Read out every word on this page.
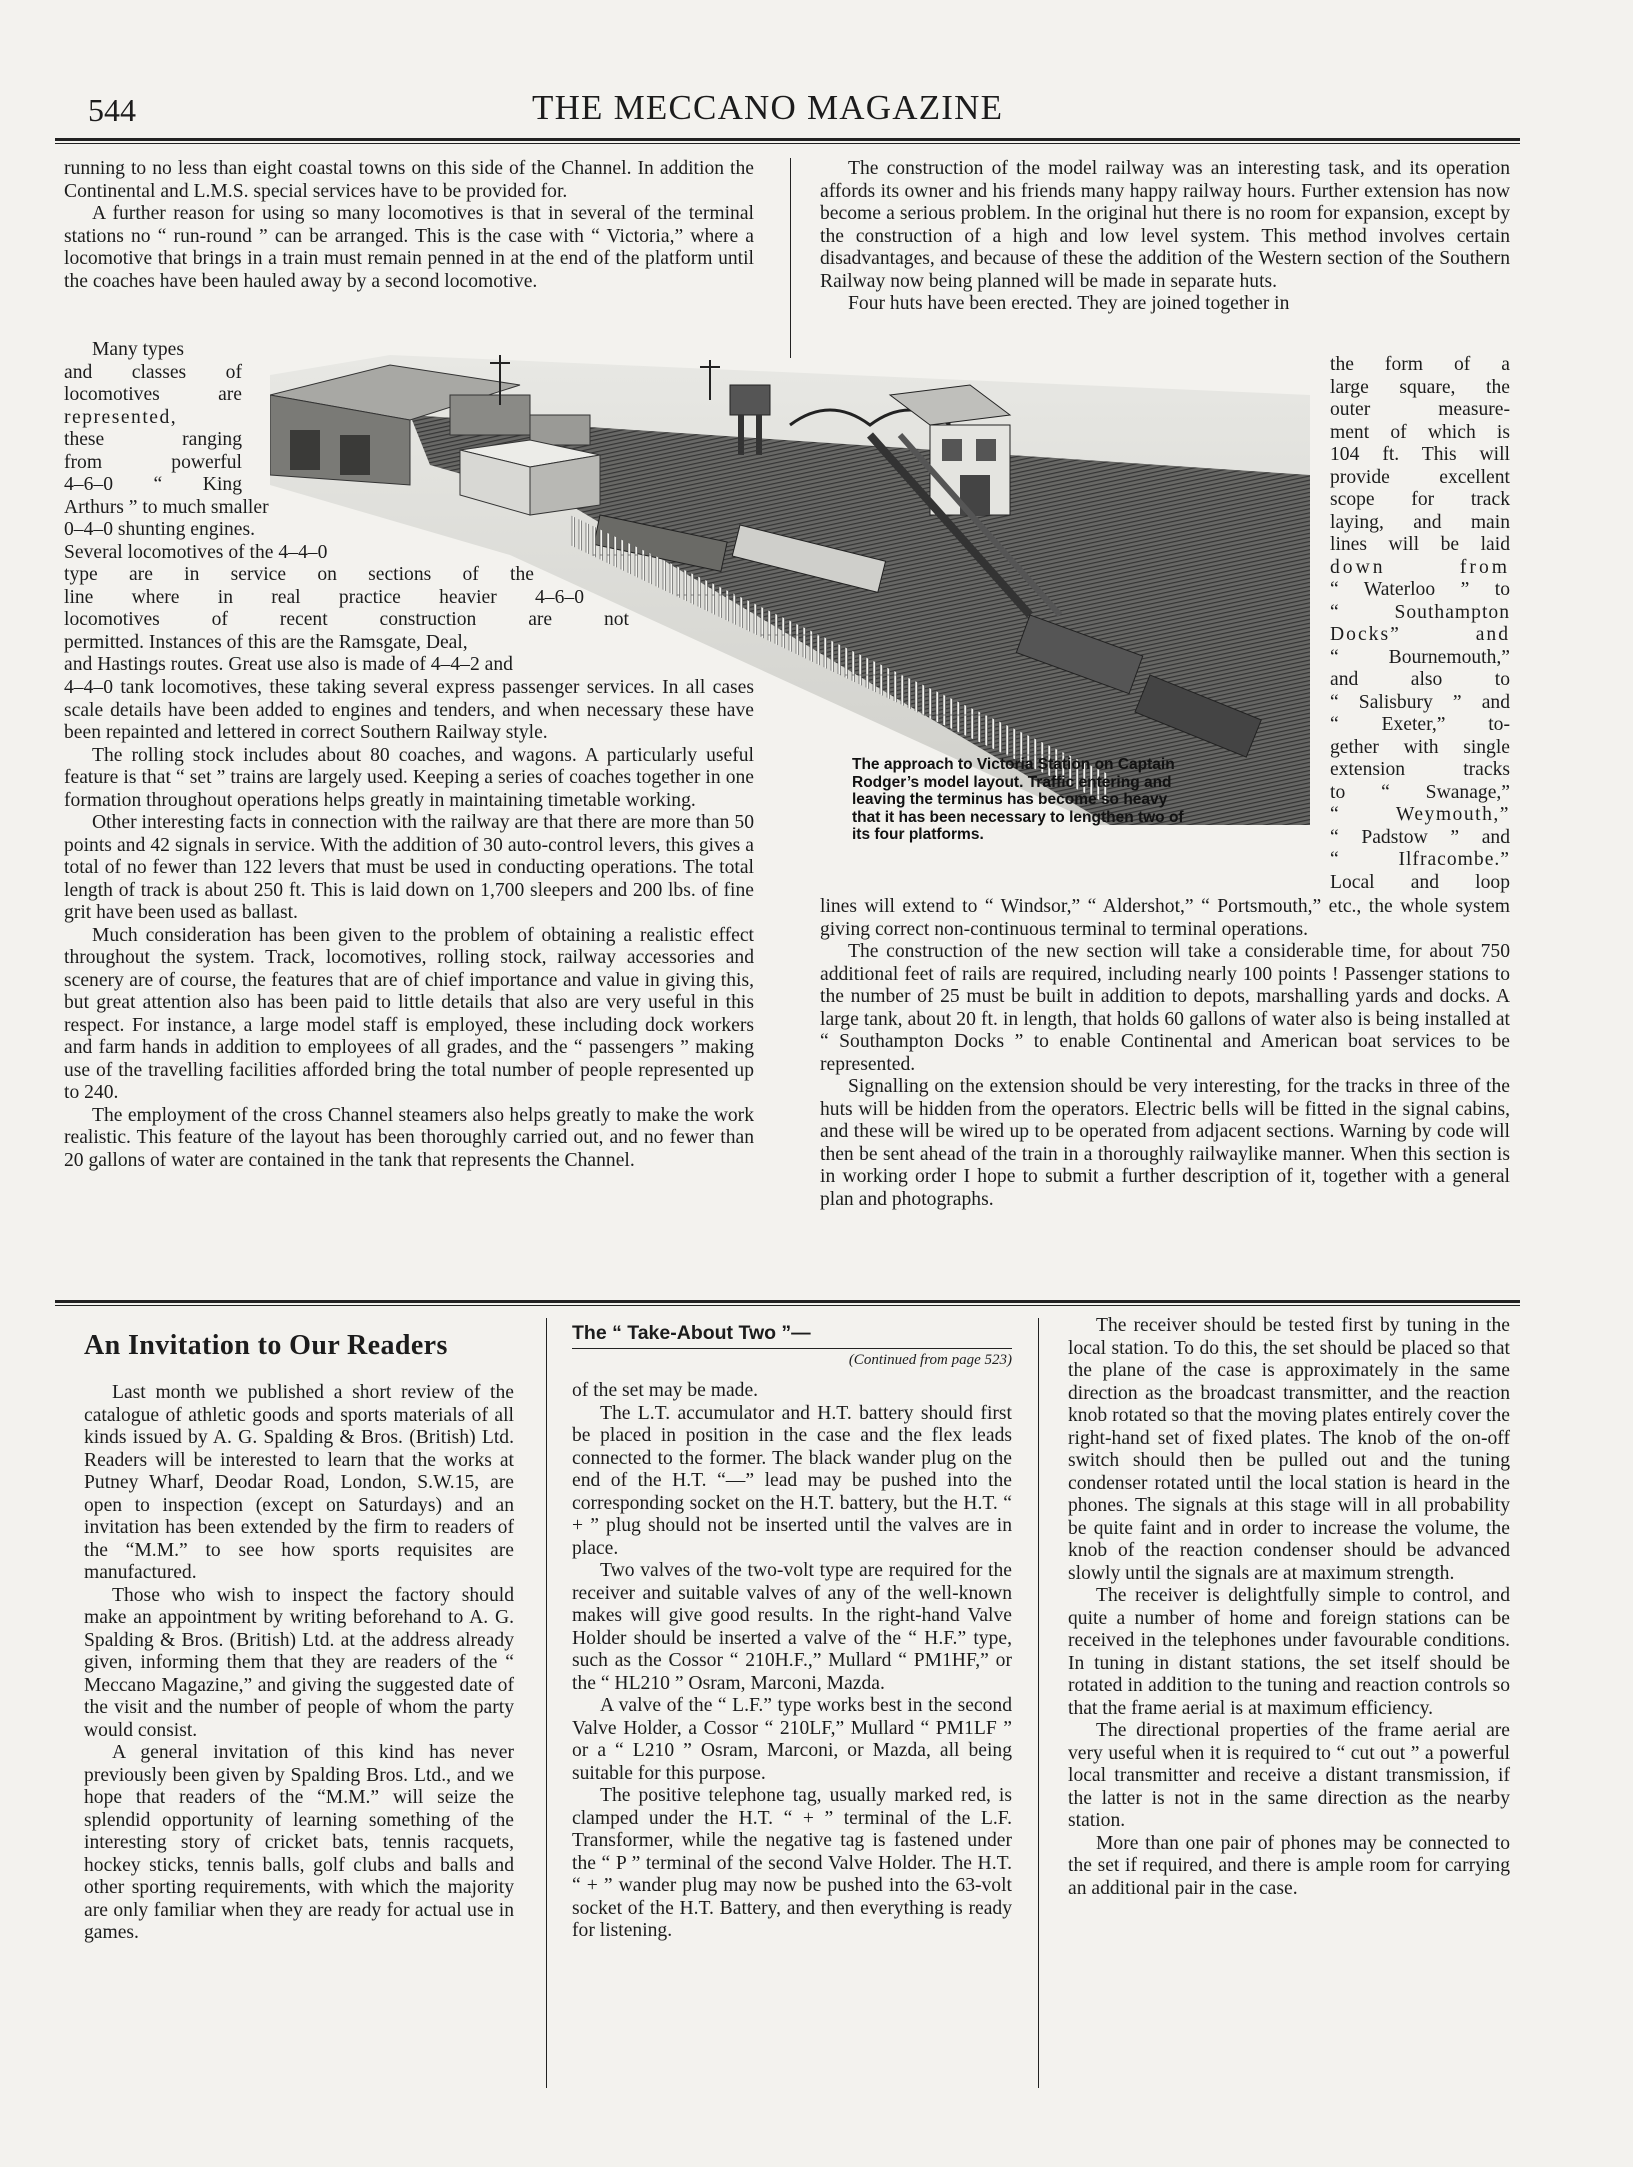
544	THE MECCANO MAGAZINE

running to no less than eight coastal towns on this side of the Channel. In addition the Continental and L.M.S. special services have to be provided for.

A further reason for using so many locomotives is that in several of the terminal stations no “ run-round ” can be arranged. This is the case with “ Victoria,” where a locomotive that brings in a train must remain penned in at the end of the platform until the coaches have been hauled away by a second locomotive.

Many types
and classes of
locomotives are
represented,
these ranging
from powerful
4–6–0 “ King
Arthurs ” to much smaller
0–4–0 shunting engines.
Several locomotives of the 4–4–0
type are in service on sections of the
line where in real practice heavier 4–6–0
locomotives of recent construction are not
permitted. Instances of this are the Ramsgate, Deal,
and Hastings routes. Great use also is made of 4–4–2 and

4–4–0 tank locomotives, these taking several express passenger services. In all cases scale details have been added to engines and tenders, and when necessary these have been repainted and lettered in correct Southern Railway style.

The rolling stock includes about 80 coaches, and wagons. A particularly useful feature is that “ set ” trains are largely used. Keeping a series of coaches together in one formation throughout operations helps greatly in maintaining timetable working.

Other interesting facts in connection with the railway are that there are more than 50 points and 42 signals in service. With the addition of 30 auto-control levers, this gives a total of no fewer than 122 levers that must be used in conducting operations. The total length of track is about 250 ft. This is laid down on 1,700 sleepers and 200 lbs. of fine grit have been used as ballast.

Much consideration has been given to the problem of obtaining a realistic effect throughout the system. Track, locomotives, rolling stock, railway accessories and scenery are of course, the features that are of chief importance and value in giving this, but great attention also has been paid to little details that also are very useful in this respect. For instance, a large model staff is employed, these including dock workers and farm hands in addition to employees of all grades, and the “ passengers ” making use of the travelling facilities afforded bring the total number of people represented up to 240.

The employment of the cross Channel steamers also helps greatly to make the work realistic. This feature of the layout has been thoroughly carried out, and no fewer than 20 gallons of water are contained in the tank that represents the Channel.

The construction of the model railway was an interesting task, and its operation affords its owner and his friends many happy railway hours. Further extension has now become a serious problem. In the original hut there is no room for expansion, except by the construction of a high and low level system. This method involves certain disadvantages, and because of these the addition of the Western section of the Southern Railway now being planned will be made in separate huts.

Four huts have been erected. They are joined together in

the form of a

large square, the

outer measure-

ment of which is

104 ft. This will

provide excellent

scope for track

laying, and main

lines will be laid

down from

“ Waterloo ” to

“ Southampton

Docks” and

“ Bournemouth,”

and also to

“ Salisbury ” and

“ Exeter,” to-

gether with single

extension tracks

to “ Swanage,”

“ Weymouth,”

“ Padstow ” and

“ Ilfracombe.”

Local and loop

lines will extend to “ Windsor,” “ Aldershot,” “ Portsmouth,” etc., the whole system giving correct non-continuous terminal to terminal operations.

The construction of the new section will take a considerable time, for about 750 additional feet of rails are required, including nearly 100 points ! Passenger stations to the number of 25 must be built in addition to depots, marshalling yards and docks. A large tank, about 20 ft. in length, that holds 60 gallons of water also is being installed at “ Southampton Docks ” to enable Continental and American boat services to be represented.

Signalling on the extension should be very interesting, for the tracks in three of the huts will be hidden from the operators. Electric bells will be fitted in the signal cabins, and these will be wired up to be operated from adjacent sections. Warning by code will then be sent ahead of the train in a thoroughly railwaylike manner. When this section is in working order I hope to submit a further description of it, together with a general plan and photographs.

The approach to Victoria Station on Captain Rodger’s model layout. Traffic entering and leaving the terminus has become so heavy that it has been necessary to lengthen two of its four platforms.
An Invitation to Our Readers

Last month we published a short review of the catalogue of athletic goods and sports materials of all kinds issued by A. G. Spalding & Bros. (British) Ltd. Readers will be interested to learn that the works at Putney Wharf, Deodar Road, London, S.W.15, are open to inspection (except on Saturdays) and an invitation has been extended by the firm to readers of the “M.M.” to see how sports requisites are manufactured.

Those who wish to inspect the factory should make an appointment by writing beforehand to A. G. Spalding & Bros. (British) Ltd. at the address already given, informing them that they are readers of the “ Meccano Magazine,” and giving the suggested date of the visit and the number of people of whom the party would consist.

A general invitation of this kind has never previously been given by Spalding Bros. Ltd., and we hope that readers of the “M.M.” will seize the splendid opportunity of learning something of the interesting story of cricket bats, tennis racquets, hockey sticks, tennis balls, golf clubs and balls and other sporting requirements, with which the majority are only familiar when they are ready for actual use in games.

The “ Take-About Two ”—
(Continued from page 523)

of the set may be made.

The L.T. accumulator and H.T. battery should first be placed in position in the case and the flex leads connected to the former. The black wander plug on the end of the H.T. “—” lead may be pushed into the corresponding socket on the H.T. battery, but the H.T. “ + ” plug should not be inserted until the valves are in place.

Two valves of the two-volt type are required for the receiver and suitable valves of any of the well-known makes will give good results. In the right-hand Valve Holder should be inserted a valve of the “ H.F.” type, such as the Cossor “ 210H.F.,” Mullard “ PM1HF,” or the “ HL210 ” Osram, Marconi, Mazda.

A valve of the “ L.F.” type works best in the second Valve Holder, a Cossor “ 210LF,” Mullard “ PM1LF ” or a “ L210 ” Osram, Marconi, or Mazda, all being suitable for this purpose.

The positive telephone tag, usually marked red, is clamped under the H.T. “ + ” terminal of the L.F. Transformer, while the negative tag is fastened under the “ P ” terminal of the second Valve Holder. The H.T. “ + ” wander plug may now be pushed into the 63-volt socket of the H.T. Battery, and then everything is ready for listening.

The receiver should be tested first by tuning in the local station. To do this, the set should be placed so that the plane of the case is approximately in the same direction as the broadcast transmitter, and the reaction knob rotated so that the moving plates entirely cover the right-hand set of fixed plates. The knob of the on-off switch should then be pulled out and the tuning condenser rotated until the local station is heard in the phones. The signals at this stage will in all probability be quite faint and in order to increase the volume, the knob of the reaction condenser should be advanced slowly until the signals are at maximum strength.

The receiver is delightfully simple to control, and quite a number of home and foreign stations can be received in the telephones under favourable conditions. In tuning in distant stations, the set itself should be rotated in addition to the tuning and reaction controls so that the frame aerial is at maximum efficiency.

The directional properties of the frame aerial are very useful when it is required to “ cut out ” a powerful local transmitter and receive a distant transmission, if the latter is not in the same direction as the nearby station.

More than one pair of phones may be connected to the set if required, and there is ample room for carrying an additional pair in the case.
